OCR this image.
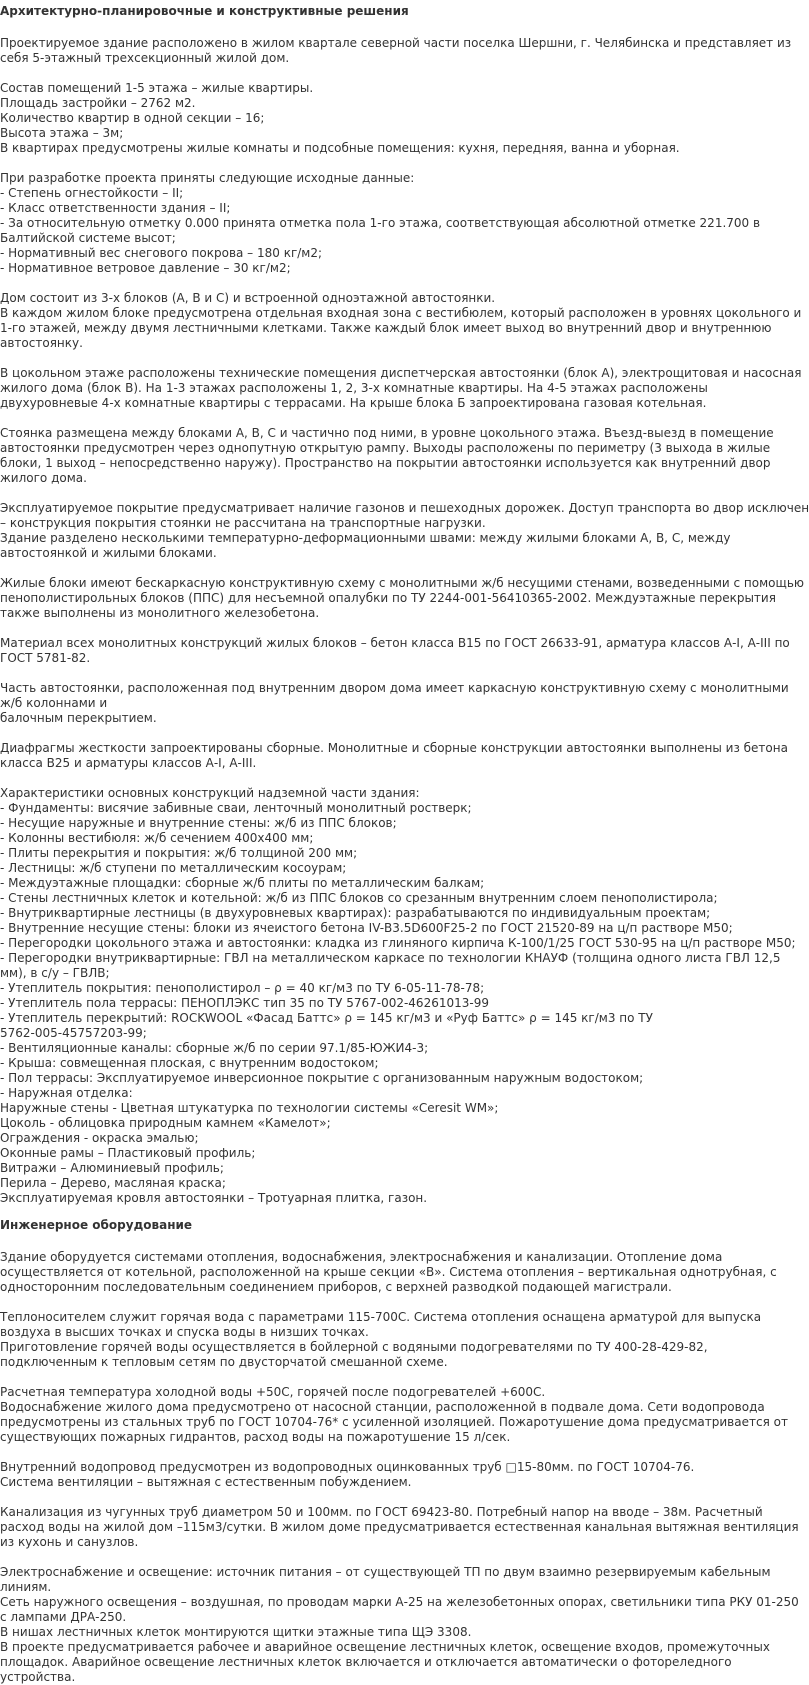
Архитектурно-планировочные и конструктивные решения

Проектируемое здание расположено в жилом квартале северной части поселка Шершни, г. Челябинска и представляет из
себя 5-этажный трехсекционный жилой дом.
Состав помещений 1-5 этажа – жилые квартиры.
Площадь застройки – 2762 м2.
Количество квартир в одной секции – 16;
Высота этажа – 3м;
В квартирах предусмотрены жилые комнаты и подсобные помещения: кухня, передняя, ванна и уборная.
При разработке проекта приняты следующие исходные данные:
- Степень огнестойкости – II;
- Класс ответственности здания – II;
- За относительную отметку 0.000 принята отметка пола 1-го этажа, соответствующая абсолютной отметке 221.700 в
Балтийской системе высот;
- Нормативный вес снегового покрова – 180 кг/м2;
- Нормативное ветровое давление – 30 кг/м2;
Дом состоит из 3-х блоков (А, В и С) и встроенной одноэтажной автостоянки.
В каждом жилом блоке предусмотрена отдельная входная зона с вестибюлем, который расположен в уровнях цокольного и
1-го этажей, между двумя лестничными клетками. Также каждый блок имеет выход во внутренний двор и внутреннюю
автостоянку.
В цокольном этаже расположены технические помещения диспетчерская автостоянки (блок А), электрощитовая и насосная
жилого дома (блок В). На 1-3 этажах расположены 1, 2, 3-х комнатные квартиры. На 4-5 этажах расположены
двухуровневые 4-х комнатные квартиры с террасами. На крыше блока Б запроектирована газовая котельная.
Стоянка размещена между блоками А, В, С и частично под ними, в уровне цокольного этажа. Въезд-выезд в помещение
автостоянки предусмотрен через однопутную открытую рампу. Выходы расположены по периметру (3 выхода в жилые
блоки, 1 выход – непосредственно наружу). Пространство на покрытии автостоянки используется как внутренний двор
жилого дома.
Эксплуатируемое покрытие предусматривает наличие газонов и пешеходных дорожек. Доступ транспорта во двор исключен
– конструкция покрытия стоянки не рассчитана на транспортные нагрузки.
Здание разделено несколькими температурно-деформационными швами: между жилыми блоками А, В, С, между
автостоянкой и жилыми блоками.
Жилые блоки имеют бескаркасную конструктивную схему с монолитными ж/б несущими стенами, возведенными с помощью
пенополистирольных блоков (ППС) для несъемной опалубки по ТУ 2244-001-56410365-2002. Междуэтажные перекрытия
также выполнены из монолитного железобетона.
Материал всех монолитных конструкций жилых блоков – бетон класса В15 по ГОСТ 26633-91, арматура классов А-I, А-III по
ГОСТ 5781-82.
Часть автостоянки, расположенная под внутренним двором дома имеет каркасную конструктивную схему с монолитными
ж/б колоннами и
балочным перекрытием.
Диафрагмы жесткости запроектированы сборные. Монолитные и сборные конструкции автостоянки выполнены из бетона
класса В25 и арматуры классов А-I, А-III.
Характеристики основных конструкций надземной части здания:
- Фундаменты: висячие забивные сваи, ленточный монолитный ростверк;
- Несущие наружные и внутренние стены: ж/б из ППС блоков;
- Колонны вестибюля: ж/б сечением 400х400 мм;
- Плиты перекрытия и покрытия: ж/б толщиной 200 мм;
- Лестницы: ж/б ступени по металлическим косоурам;
- Междуэтажные площадки: сборные ж/б плиты по металлическим балкам;
- Стены лестничных клеток и котельной: ж/б из ППС блоков со срезанным внутренним слоем пенополистирола;
- Внутриквартирные лестницы (в двухуровневых квартирах): разрабатываются по индивидуальным проектам;
- Внутренние несущие стены: блоки из ячеистого бетона IV-В3.5D600F25-2 по ГОСТ 21520-89 на ц/п растворе М50;
- Перегородки цокольного этажа и автостоянки: кладка из глиняного кирпича К-100/1/25 ГОСТ 530-95 на ц/п растворе М50;
- Перегородки внутриквартирные: ГВЛ на металлическом каркасе по технологии КНАУФ (толщина одного листа ГВЛ 12,5
мм), в с/у – ГВЛВ;
- Утеплитель покрытия: пенополистирол – ρ = 40 кг/м3 по ТУ 6-05-11-78-78;
- Утеплитель пола террасы: ПЕНОПЛЭКС тип 35 по ТУ 5767-002-46261013-99
- Утеплитель перекрытий: ROCKWOOL «Фасад Баттс» ρ = 145 кг/м3 и «Руф Баттс» ρ = 145 кг/м3 по ТУ
5762-005-45757203-99;
- Вентиляционные каналы: сборные ж/б по серии 97.1/85-ЮЖИ4-3;
- Крыша: совмещенная плоская, с внутренним водостоком;
- Пол террасы: Эксплуатируемое инверсионное покрытие с организованным наружным водостоком;
- Наружная отделка:
Наружные стены - Цветная штукатурка по технологии системы «Ceresit WM»;
Цоколь - облицовка природным камнем «Камелот»;
Ограждения - окраска эмалью;
Оконные рамы – Пластиковый профиль;
Витражи – Алюминиевый профиль;
Перила – Дерево, масляная краска;
Эксплуатируемая кровля автостоянки – Тротуарная плитка, газон.

Инженерное оборудование

Здание оборудуется системами отопления, водоснабжения, электроснабжения и канализации. Отопление дома
осуществляется от котельной, расположенной на крыше секции «В». Система отопления – вертикальная однотрубная, с
односторонним последовательным соединением приборов, с верхней разводкой подающей магистрали.
Теплоносителем служит горячая вода с параметрами 115-700С. Система отопления оснащена арматурой для выпуска
воздуха в высших точках и спуска воды в низших точках.
Приготовление горячей воды осуществляется в бойлерной с водяными подогревателями по ТУ 400-28-429-82,
подключенным к тепловым сетям по двусторчатой смешанной схеме.
Расчетная температура холодной воды +50С, горячей после подогревателей +600С.
Водоснабжение жилого дома предусмотрено от насосной станции, расположенной в подвале дома. Сети водопровода
предусмотрены из стальных труб по ГОСТ 10704-76* с усиленной изоляцией. Пожаротушение дома предусматривается от
существующих пожарных гидрантов, расход воды на пожаротушение 15 л/сек.
Внутренний водопровод предусмотрен из водопроводных оцинкованных труб □15-80мм. по ГОСТ 10704-76.
Система вентиляции – вытяжная с естественным побуждением.
Канализация из чугунных труб диаметром 50 и 100мм. по ГОСТ 69423-80. Потребный напор на вводе – 38м. Расчетный
расход воды на жилой дом –115м3/сутки. В жилом доме предусматривается естественная канальная вытяжная вентиляция
из кухонь и санузлов.
Электроснабжение и освещение: источник питания – от существующей ТП по двум взаимно резервируемым кабельным
линиям.
Сеть наружного освещения – воздушная, по проводам марки А-25 на железобетонных опорах, светильники типа РКУ 01-250
с лампами ДРА-250.
В нишах лестничных клеток монтируются щитки этажные типа ЩЭ 3308.
В проекте предусматривается рабочее и аварийное освещение лестничных клеток, освещение входов, промежуточных
площадок. Аварийное освещение лестничных клеток включается и отключается автоматически о фотореледного
устройства.
